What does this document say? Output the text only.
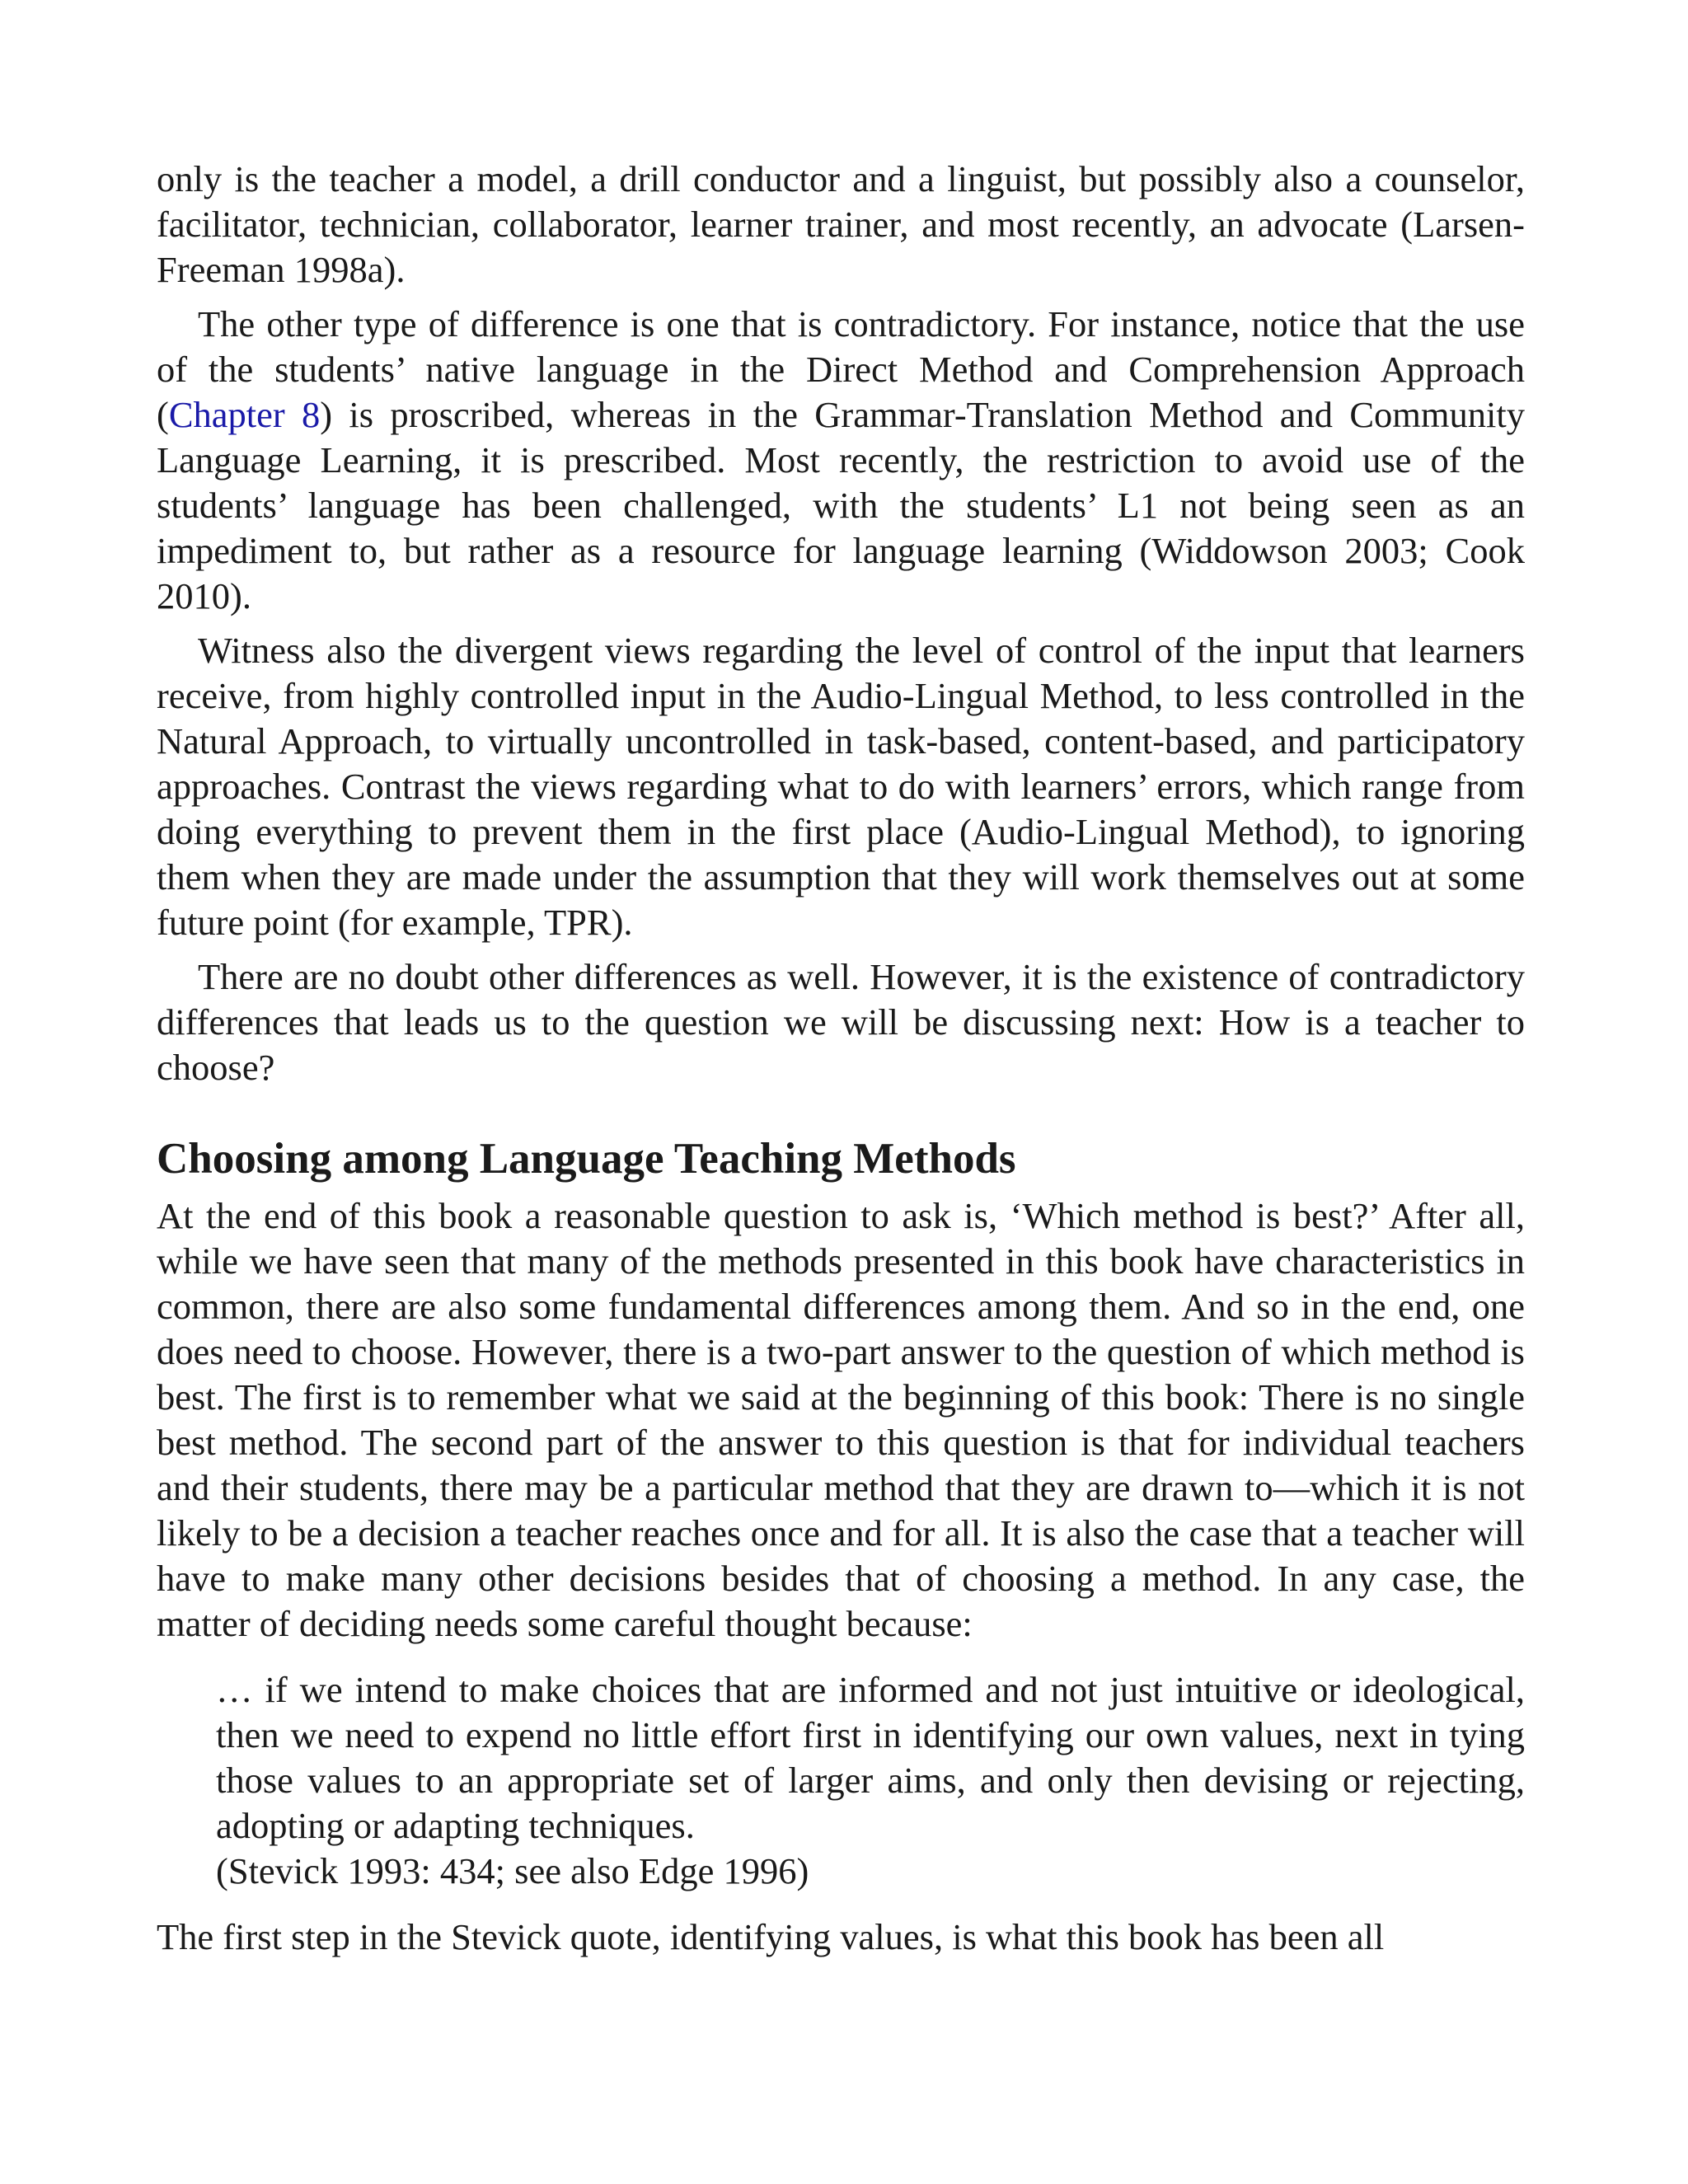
only is the teacher a model, a drill conductor and a linguist, but possibly also a counselor, facilitator, technician, collaborator, learner trainer, and most recently, an advocate (Larsen-Freeman 1998a).

The other type of difference is one that is contradictory. For instance, notice that the use of the students’ native language in the Direct Method and Comprehension Approach (Chapter 8) is proscribed, whereas in the Grammar-Translation Method and Community Language Learning, it is prescribed. Most recently, the restriction to avoid use of the students’ language has been challenged, with the students’ L1 not being seen as an impediment to, but rather as a resource for language learning (Widdowson 2003; Cook 2010).

Witness also the divergent views regarding the level of control of the input that learners receive, from highly controlled input in the Audio-Lingual Method, to less controlled in the Natural Approach, to virtually uncontrolled in task-based, content-based, and participatory approaches. Contrast the views regarding what to do with learners’ errors, which range from doing everything to prevent them in the first place (Audio-Lingual Method), to ignoring them when they are made under the assumption that they will work themselves out at some future point (for example, TPR).

There are no doubt other differences as well. However, it is the existence of contradictory differences that leads us to the question we will be discussing next: How is a teacher to choose?

Choosing among Language Teaching Methods

At the end of this book a reasonable question to ask is, ‘Which method is best?’ After all, while we have seen that many of the methods presented in this book have characteristics in common, there are also some fundamental differences among them. And so in the end, one does need to choose. However, there is a two-part answer to the question of which method is best. The first is to remember what we said at the beginning of this book: There is no single best method. The second part of the answer to this question is that for individual teachers and their students, there may be a particular method that they are drawn to—which it is not likely to be a decision a teacher reaches once and for all. It is also the case that a teacher will have to make many other decisions besides that of choosing a method. In any case, the matter of deciding needs some careful thought because:

… if we intend to make choices that are informed and not just intuitive or ideological, then we need to expend no little effort first in identifying our own values, next in tying those values to an appropriate set of larger aims, and only then devising or rejecting, adopting or adapting techniques.

(Stevick 1993: 434; see also Edge 1996)

The first step in the Stevick quote, identifying values, is what this book has been all
